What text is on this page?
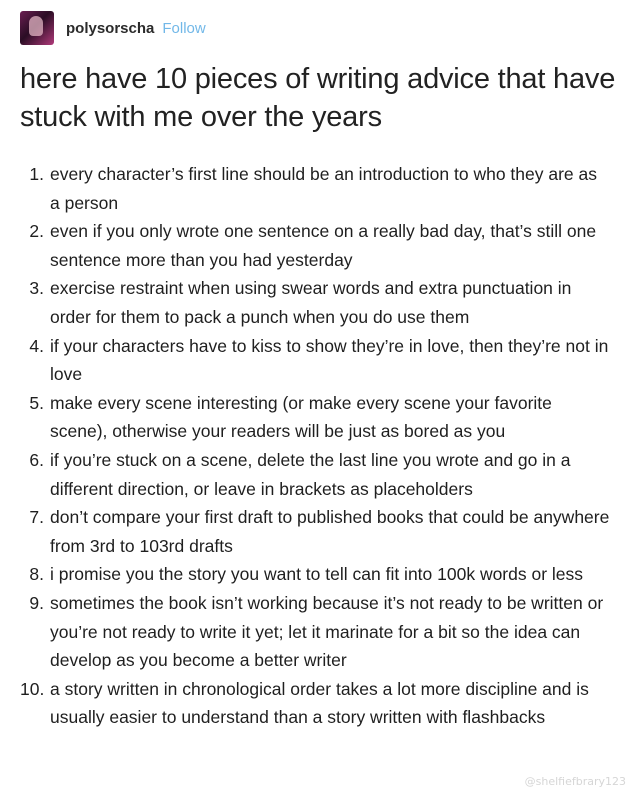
polysorscha Follow
here have 10 pieces of writing advice that have stuck with me over the years
1. every character’s first line should be an introduction to who they are as a person
2. even if you only wrote one sentence on a really bad day, that’s still one sentence more than you had yesterday
3. exercise restraint when using swear words and extra punctuation in order for them to pack a punch when you do use them
4. if your characters have to kiss to show they’re in love, then they’re not in love
5. make every scene interesting (or make every scene your favorite scene), otherwise your readers will be just as bored as you
6. if you’re stuck on a scene, delete the last line you wrote and go in a different direction, or leave in brackets as placeholders
7. don’t compare your first draft to published books that could be anywhere from 3rd to 103rd drafts
8. i promise you the story you want to tell can fit into 100k words or less
9. sometimes the book isn’t working because it’s not ready to be written or you’re not ready to write it yet; let it marinate for a bit so the idea can develop as you become a better writer
10. a story written in chronological order takes a lot more discipline and is usually easier to understand than a story written with flashbacks
@shelfiefbrary123
